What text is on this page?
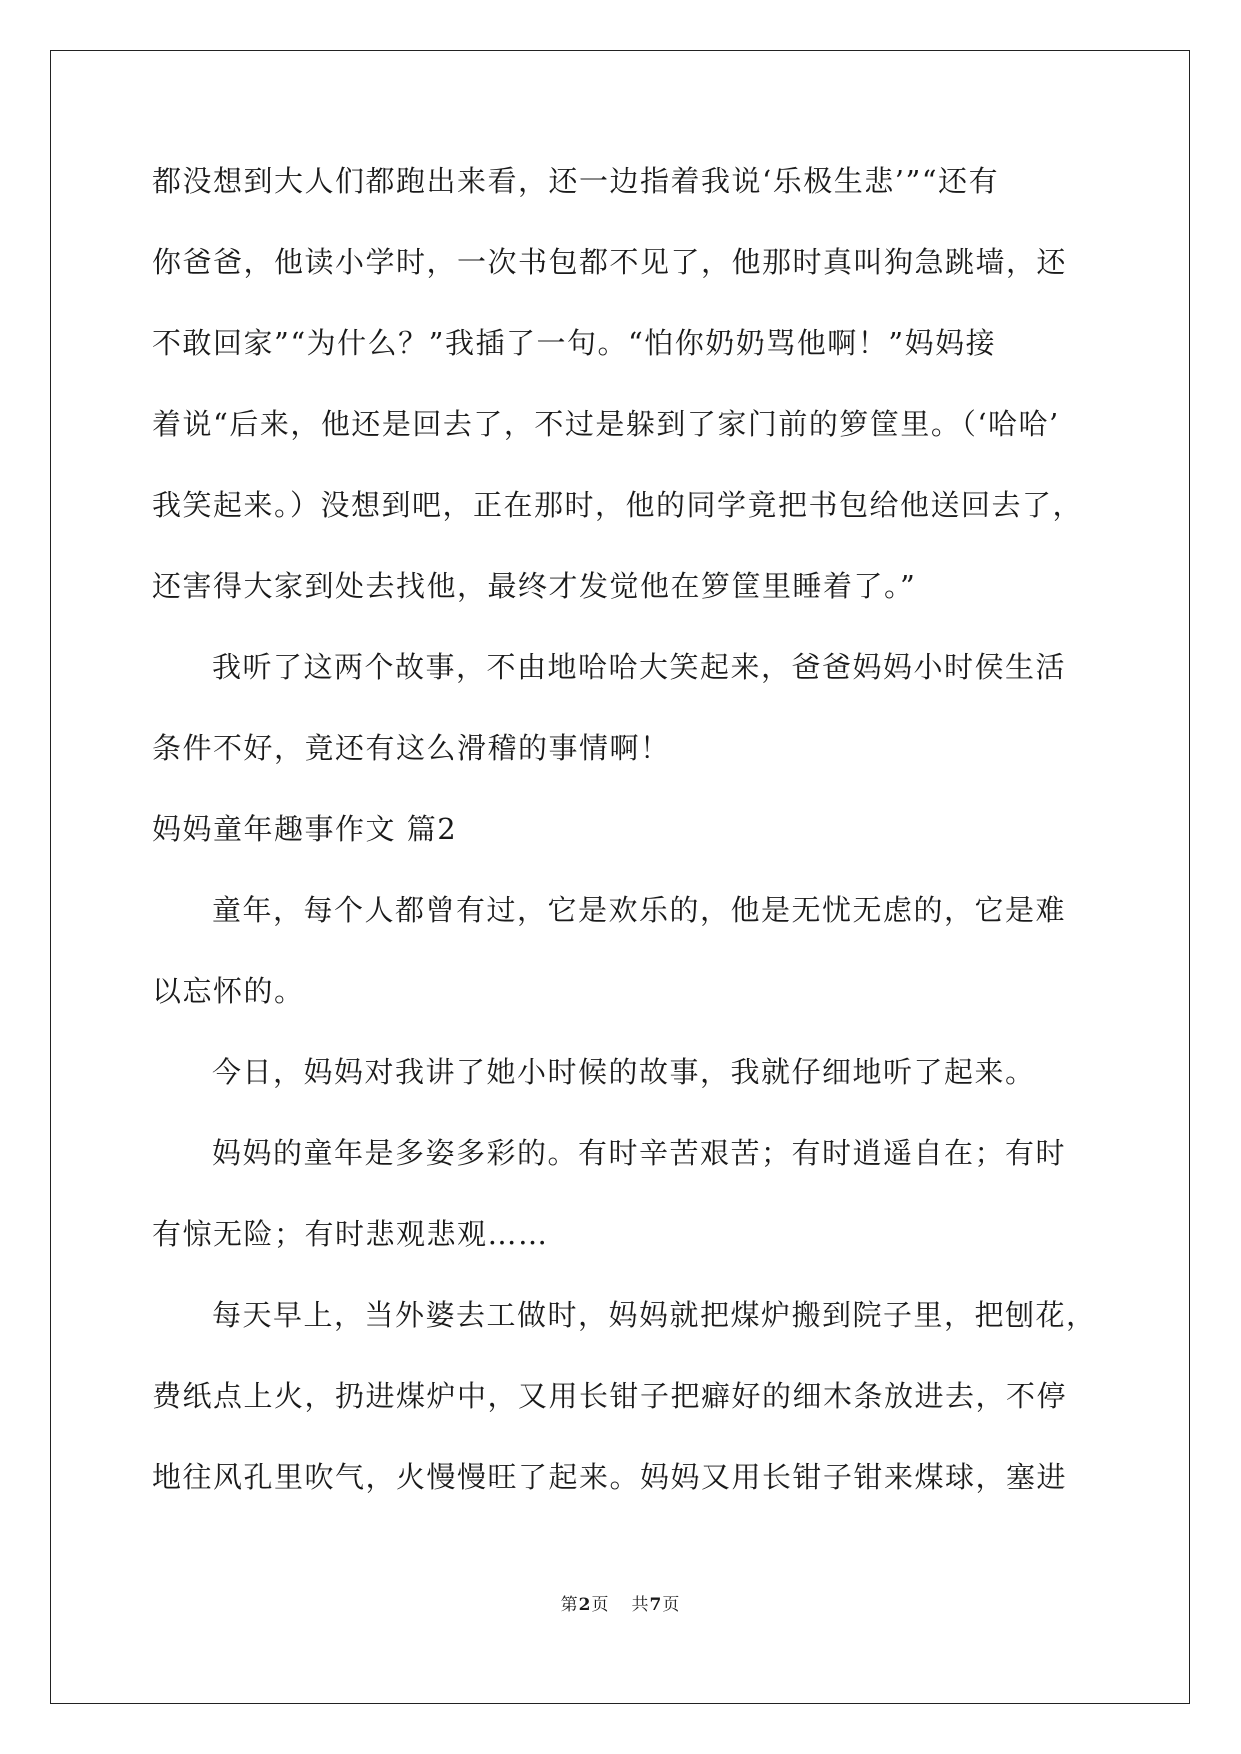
都没想到大人们都跑出来看，还一边指着我说‘乐极生悲’”“还有
你爸爸，他读小学时，一次书包都不见了，他那时真叫狗急跳墙，还
不敢回家”“为什么？”我插了一句。“怕你奶奶骂他啊！”妈妈接
着说“后来，他还是回去了，不过是躲到了家门前的箩筐里。（‘哈哈’
我笑起来。）没想到吧，正在那时，他的同学竟把书包给他送回去了，
还害得大家到处去找他，最终才发觉他在箩筐里睡着了。”
我听了这两个故事，不由地哈哈大笑起来，爸爸妈妈小时侯生活
条件不好，竟还有这么滑稽的事情啊！
妈妈童年趣事作文 篇2
童年，每个人都曾有过，它是欢乐的，他是无忧无虑的，它是难
以忘怀的。
今日，妈妈对我讲了她小时候的故事，我就仔细地听了起来。
妈妈的童年是多姿多彩的。有时辛苦艰苦；有时逍遥自在；有时
有惊无险；有时悲观悲观……
每天早上，当外婆去工做时，妈妈就把煤炉搬到院子里，把刨花，
费纸点上火，扔进煤炉中，又用长钳子把癖好的细木条放进去，不停
地往风孔里吹气，火慢慢旺了起来。妈妈又用长钳子钳来煤球，塞进
第2页 共7页
